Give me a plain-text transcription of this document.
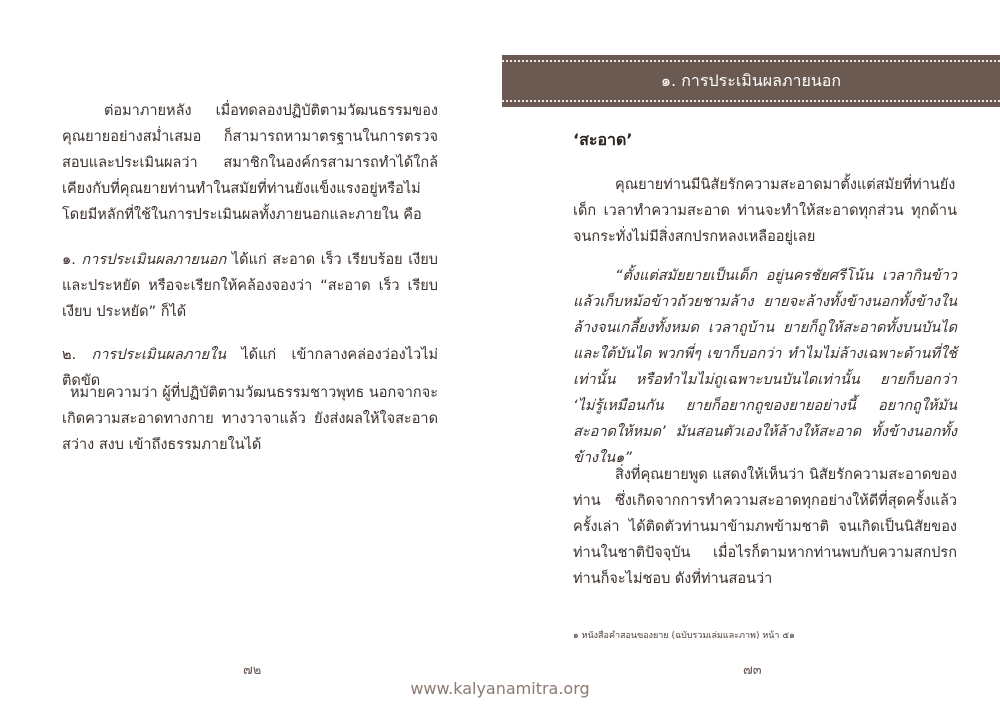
ต่อมาภายหลัง เมื่อทดลองปฏิบัติตามวัฒนธรรมของคุณยายอย่างสม่ำเสมอ ก็สามารถหามาตรฐานในการตรวจสอบและประเมินผลว่า สมาชิกในองค์กรสามารถทำได้ใกล้เคียงกับที่คุณยายท่านทำในสมัยที่ท่านยังแข็งแรงอยู่หรือไม่ โดยมีหลักที่ใช้ในการประเมินผลทั้งภายนอกและภายใน คือ
๑. การประเมินผลภายนอก ได้แก่ สะอาด เร็ว เรียบร้อย เงียบ และประหยัด หรือจะเรียกให้คล้องจองว่า “สะอาด เร็ว เรียบ เงียบ ประหยัด” ก็ได้
๒. การประเมินผลภายใน ได้แก่ เข้ากลางคล่องว่องไวไม่ติดขัด
หมายความว่า ผู้ที่ปฏิบัติตามวัฒนธรรมชาวพุทธ นอกจากจะเกิดความสะอาดทางกาย ทางวาจาแล้ว ยังส่งผลให้ใจสะอาด สว่าง สงบ เข้าถึงธรรมภายในได้
๗๒
๑. การประเมินผลภายนอก
‘สะอาด’
คุณยายท่านมีนิสัยรักความสะอาดมาตั้งแต่สมัยที่ท่านยังเด็ก เวลาทำความสะอาด ท่านจะทำให้สะอาดทุกส่วน ทุกด้าน จนกระทั่งไม่มีสิ่งสกปรกหลงเหลืออยู่เลย
“ตั้งแต่สมัยยายเป็นเด็ก อยู่นครชัยศรีโน้น เวลากินข้าวแล้วเก็บหม้อข้าวถ้วยชามล้าง ยายจะล้างทั้งข้างนอกทั้งข้างใน ล้างจนเกลี้ยงทั้งหมด เวลาถูบ้าน ยายก็ถูให้สะอาดทั้งบนบันได และใต้บันได พวกพี่ๆ เขาก็บอกว่า ทำไมไม่ล้างเฉพาะด้านที่ใช้เท่านั้น หรือทำไมไม่ถูเฉพาะบนบันไดเท่านั้น ยายก็บอกว่า ‘ไม่รู้เหมือนกัน ยายก็อยากถูของยายอย่างนี้ อยากถูให้มันสะอาดให้หมด’ มันสอนตัวเองให้ล้างให้สะอาด ทั้งข้างนอกทั้งข้างใน๑”
สิ่งที่คุณยายพูด แสดงให้เห็นว่า นิสัยรักความสะอาดของท่าน ซึ่งเกิดจากการทำความสะอาดทุกอย่างให้ดีที่สุดครั้งแล้วครั้งเล่า ได้ติดตัวท่านมาข้ามภพข้ามชาติ จนเกิดเป็นนิสัยของท่านในชาติปัจจุบัน เมื่อไรก็ตามหากท่านพบกับความสกปรก ท่านก็จะไม่ชอบ ดังที่ท่านสอนว่า
๑ หนังสือคำสอนของยาย (ฉบับรวมเล่มและภาพ) หน้า ๕๑
๗๓
www.kalyanamitra.org
